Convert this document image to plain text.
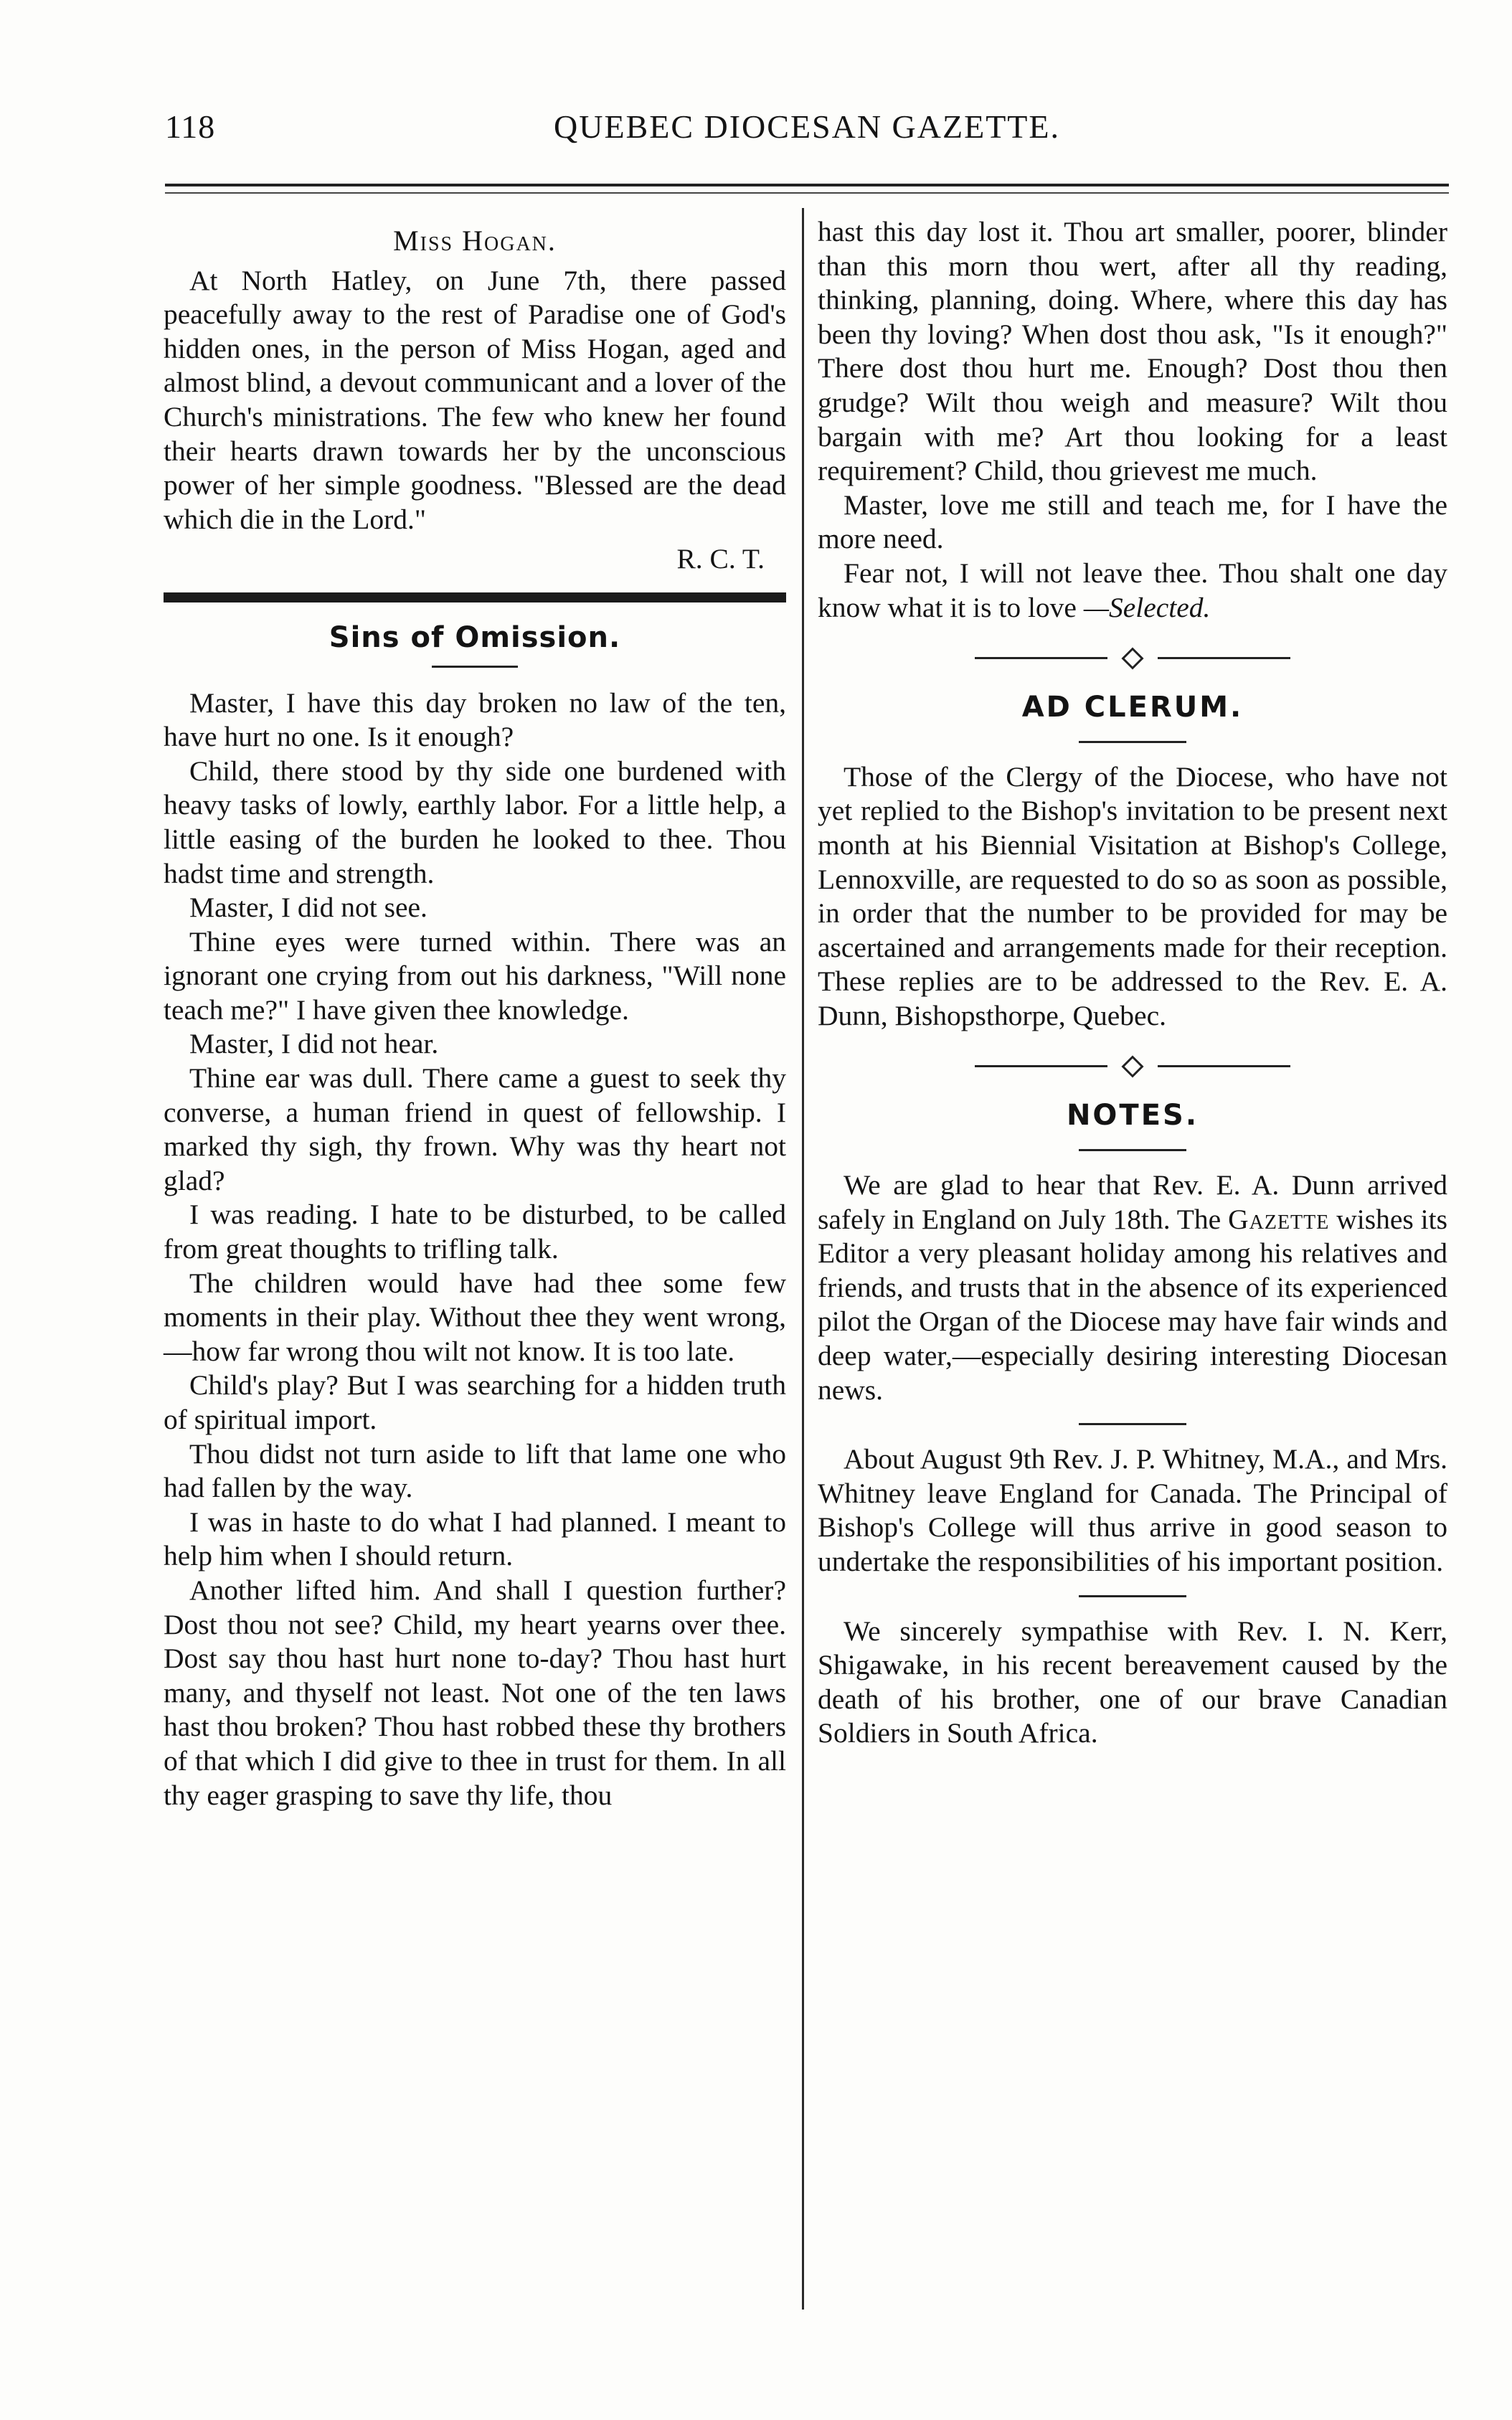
118	QUEBEC DIOCESAN GAZETTE.

Miss Hogan.

At North Hatley, on June 7th, there passed peacefully away to the rest of Paradise one of God's hidden ones, in the person of Miss Hogan, aged and almost blind, a devout communicant and a lover of the Church's ministrations. The few who knew her found their hearts drawn towards her by the unconscious power of her simple goodness. "Blessed are the dead which die in the Lord."

R. C. T.

Sins of Omission.

Master, I have this day broken no law of the ten, have hurt no one. Is it enough?

Child, there stood by thy side one burdened with heavy tasks of lowly, earthly labor. For a little help, a little easing of the burden he looked to thee. Thou hadst time and strength.

Master, I did not see.

Thine eyes were turned within. There was an ignorant one crying from out his darkness, "Will none teach me?" I have given thee knowledge.

Master, I did not hear.

Thine ear was dull. There came a guest to seek thy converse, a human friend in quest of fellowship. I marked thy sigh, thy frown. Why was thy heart not glad?

I was reading. I hate to be disturbed, to be called from great thoughts to trifling talk.

The children would have had thee some few moments in their play. Without thee they went wrong,—how far wrong thou wilt not know. It is too late.

Child's play? But I was searching for a hidden truth of spiritual import.

Thou didst not turn aside to lift that lame one who had fallen by the way.

I was in haste to do what I had planned. I meant to help him when I should return.

Another lifted him. And shall I question further? Dost thou not see? Child, my heart yearns over thee. Dost say thou hast hurt none to-day? Thou hast hurt many, and thyself not least. Not one of the ten laws hast thou broken? Thou hast robbed these thy brothers of that which I did give to thee in trust for them. In all thy eager grasping to save thy life, thou

hast this day lost it. Thou art smaller, poorer, blinder than this morn thou wert, after all thy reading, thinking, planning, doing. Where, where this day has been thy loving? When dost thou ask, "Is it enough?" There dost thou hurt me. Enough? Dost thou then grudge? Wilt thou weigh and measure? Wilt thou bargain with me? Art thou looking for a least requirement? Child, thou grievest me much.

Master, love me still and teach me, for I have the more need.

Fear not, I will not leave thee. Thou shalt one day know what it is to love —Selected.

AD CLERUM.

Those of the Clergy of the Diocese, who have not yet replied to the Bishop's invitation to be present next month at his Biennial Visitation at Bishop's College, Lennoxville, are requested to do so as soon as possible, in order that the number to be provided for may be ascertained and arrangements made for their reception. These replies are to be addressed to the Rev. E. A. Dunn, Bishopsthorpe, Quebec.

NOTES.

We are glad to hear that Rev. E. A. Dunn arrived safely in England on July 18th. The Gazette wishes its Editor a very pleasant holiday among his relatives and friends, and trusts that in the absence of its experienced pilot the Organ of the Diocese may have fair winds and deep water,—especially desiring interesting Diocesan news.

About August 9th Rev. J. P. Whitney, M.A., and Mrs. Whitney leave England for Canada. The Principal of Bishop's College will thus arrive in good season to undertake the responsibilities of his important position.

We sincerely sympathise with Rev. I. N. Kerr, Shigawake, in his recent bereavement caused by the death of his brother, one of our brave Canadian Soldiers in South Africa.
